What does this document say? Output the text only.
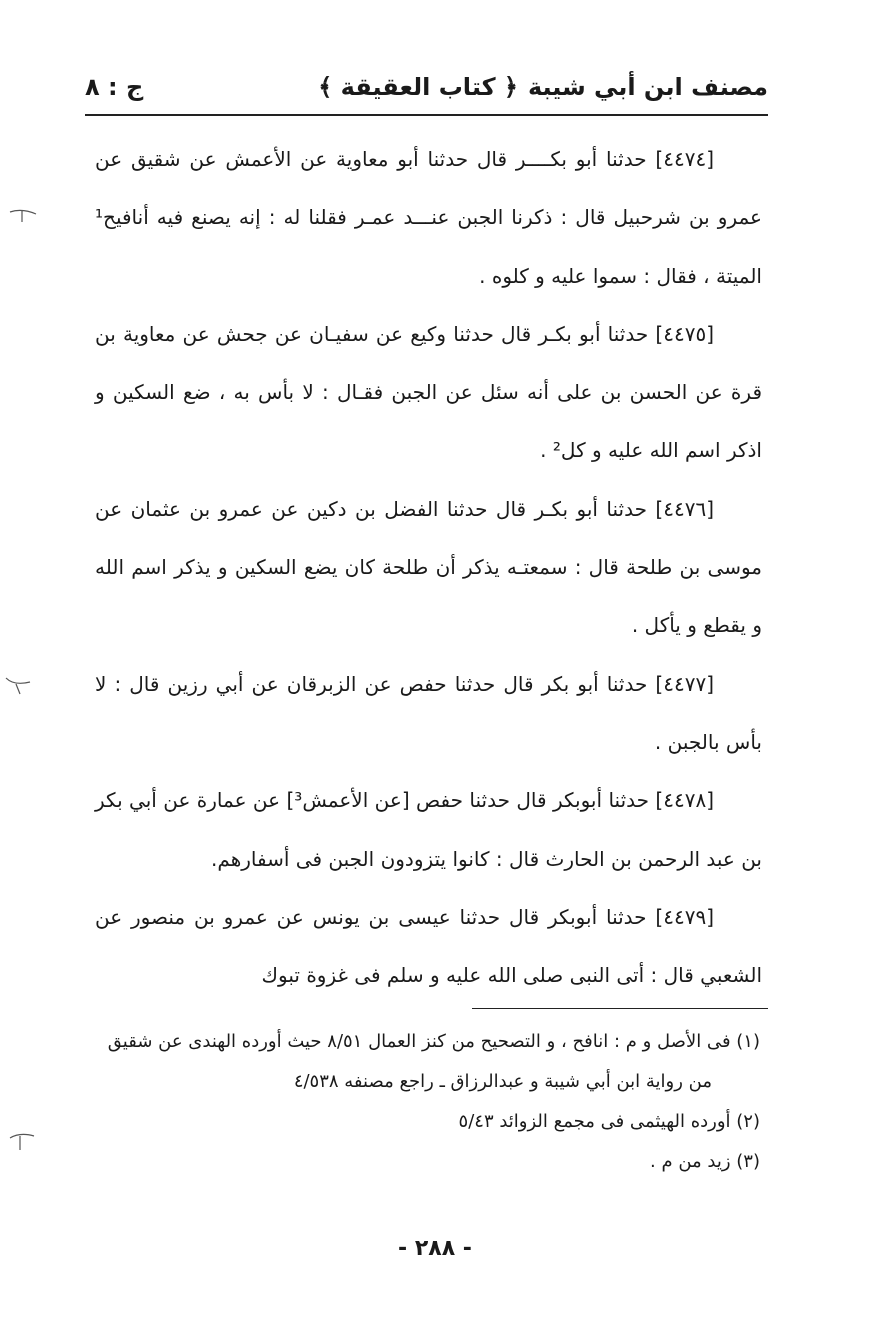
مصنف ابن أبي شيبة
﴿ كتاب العقيقة ﴾
ج : ٨

[٤٤٧٤] حدثنا أبو بكــــر قال حدثنا أبو معاوية عن الأعمش عن شقيق عن عمرو بن شرحبيل قال : ذكرنا الجبن عنـــد عمـر فقلنا له : إنه يصنع فيه أنافيح¹ الميتة ، فقال : سموا عليه و كلوه .

[٤٤٧٥] حدثنا أبو بكـر قال حدثنا وكيع عن سفيـان عن جحش عن معاوية بن قرة عن الحسن بن على أنه سئل عن الجبن فقـال : لا بأس به ، ضع السكين و اذكر اسم الله عليه و كل² .

[٤٤٧٦] حدثنا أبو بكـر قال حدثنا الفضل بن دكين عن عمرو بن عثمان عن موسى بن طلحة قال : سمعتـه يذكر أن طلحة كان يضع السكين و يذكر اسم الله و يقطع و يأكل .

[٤٤٧٧] حدثنا أبو بكر قال حدثنا حفص عن الزبرقان عن أبي رزين قال : لا بأس بالجبن .

[٤٤٧٨] حدثنا أبوبكر قال حدثنا حفص [عن الأعمش³] عن عمارة عن أبي بكر بن عبد الرحمن بن الحارث قال : كانوا يتزودون الجبن فى أسفارهم.

[٤٤٧٩] حدثنا أبوبكر قال حدثنا عيسى بن يونس عن عمرو بن منصور عن الشعبي قال : أتى النبى صلى الله عليه و سلم فى غزوة تبوك

(١) فى الأصل و م : انافح ، و التصحيح من كنز العمال ٨/٥١ حيث أورده الهندى عن شقيق من رواية ابن أبي شيبة و عبدالرزاق ـ راجع مصنفه ٤/٥٣٨

(٢) أورده الهيثمى فى مجمع الزوائد ٥/٤٣

(٣) زيد من م .

- ٢٨٨ -
